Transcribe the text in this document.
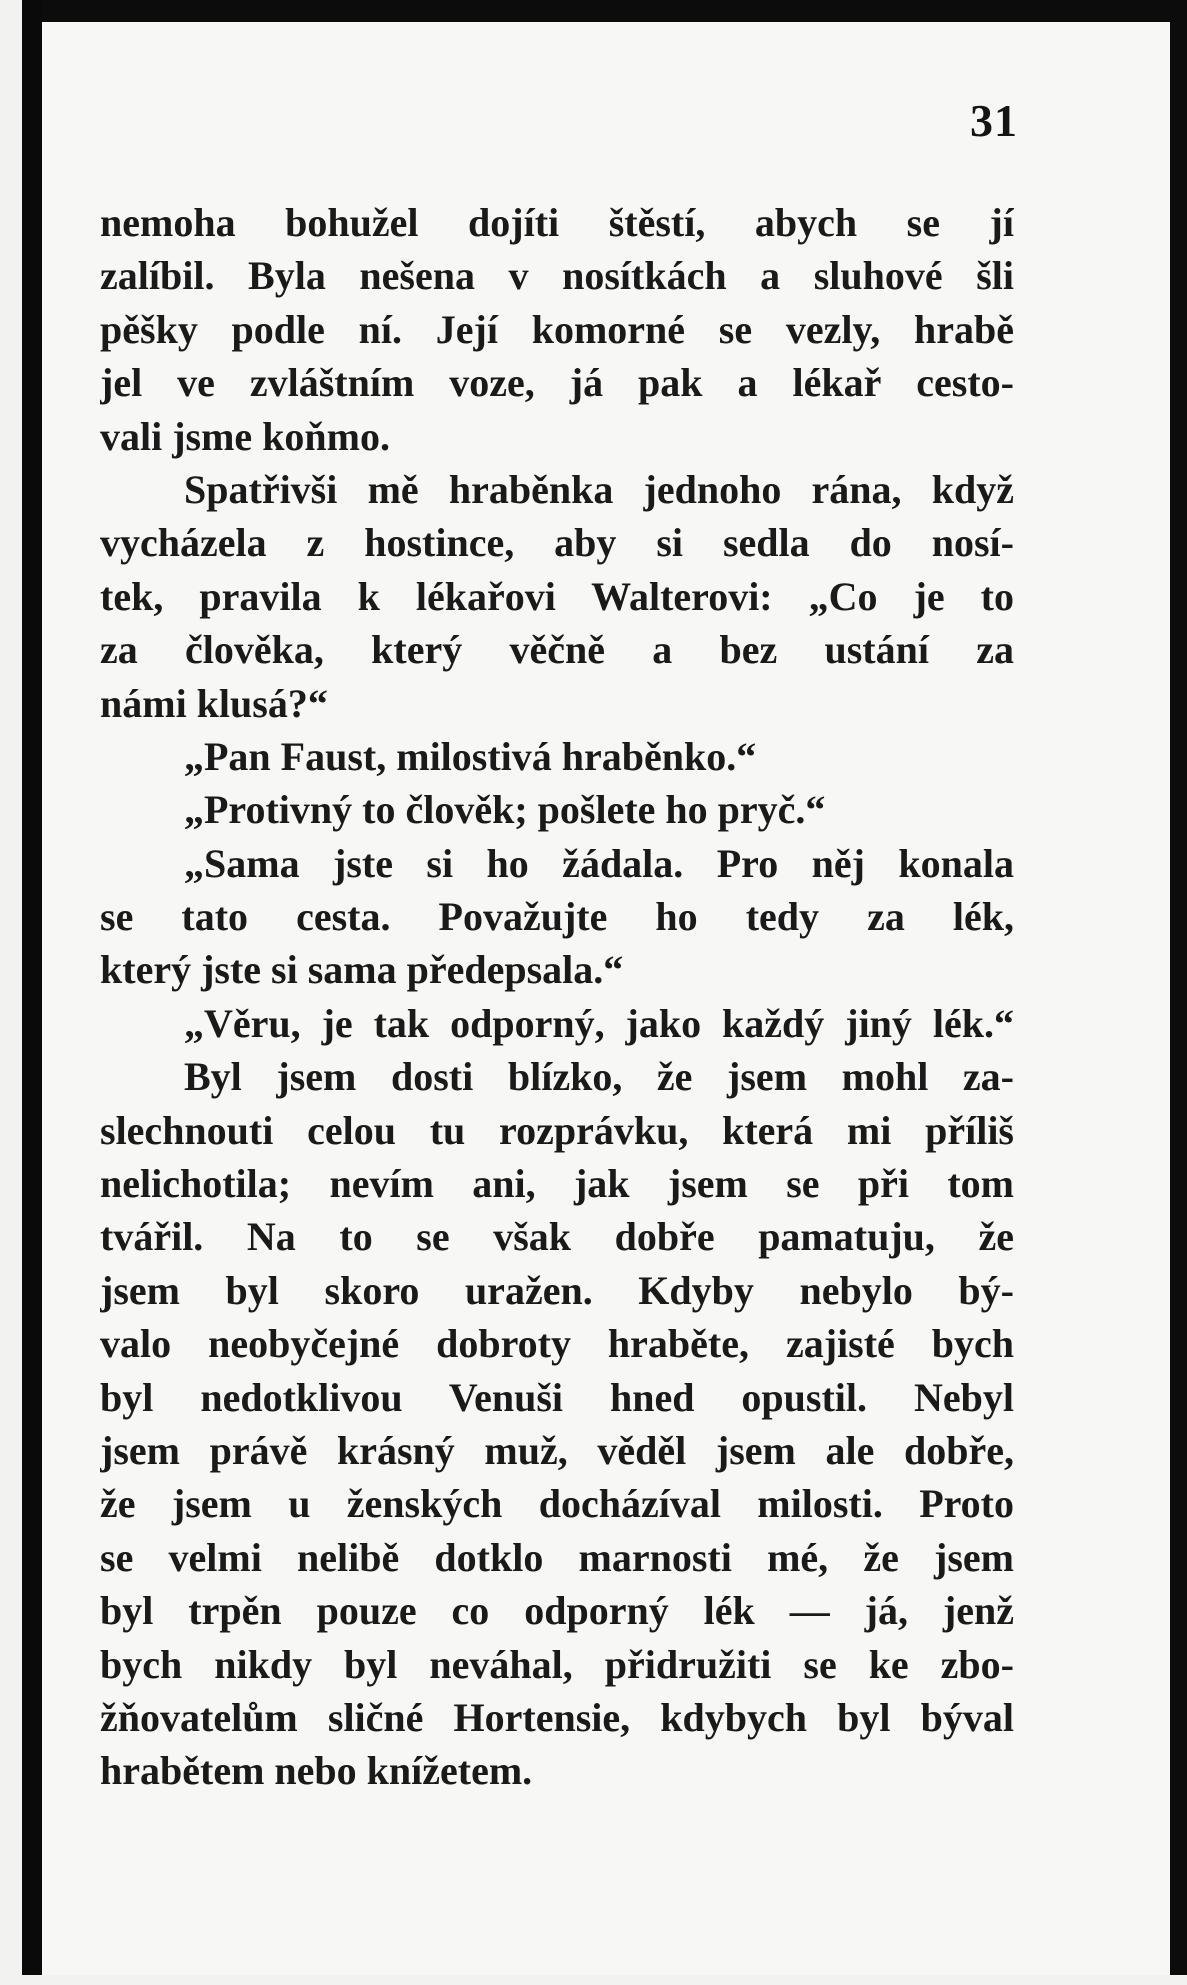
31
nemoha bohužel dojíti štěstí, abych se jí
zalíbil. Byla nešena v nosítkách a sluhové šli
pěšky podle ní. Její komorné se vezly, hrabě
jel ve zvláštním voze, já pak a lékař cesto-
vali jsme koňmo.
Spatřivši mě hraběnka jednoho rána, když
vycházela z hostince, aby si sedla do nosí-
tek, pravila k lékařovi Walterovi: „Co je to
za člověka, který věčně a bez ustání za
námi klusá?“
„Pan Faust, milostivá hraběnko.“
„Protivný to člověk; pošlete ho pryč.“
„Sama jste si ho žádala. Pro něj konala
se tato cesta. Považujte ho tedy za lék,
který jste si sama předepsala.“
„Věru, je tak odporný, jako každý jiný lék.“
Byl jsem dosti blízko, že jsem mohl za-
slechnouti celou tu rozprávku, která mi příliš
nelichotila; nevím ani, jak jsem se při tom
tvářil. Na to se však dobře pamatuju, že
jsem byl skoro uražen. Kdyby nebylo bý-
valo neobyčejné dobroty hraběte, zajisté bych
byl nedotklivou Venuši hned opustil. Nebyl
jsem právě krásný muž, věděl jsem ale dobře,
že jsem u ženských docházíval milosti. Proto
se velmi nelibě dotklo marnosti mé, že jsem
byl trpěn pouze co odporný lék — já, jenž
bych nikdy byl neváhal, přidružiti se ke zbo-
žňovatelům sličné Hortensie, kdybych byl býval
hrabětem nebo knížetem.
